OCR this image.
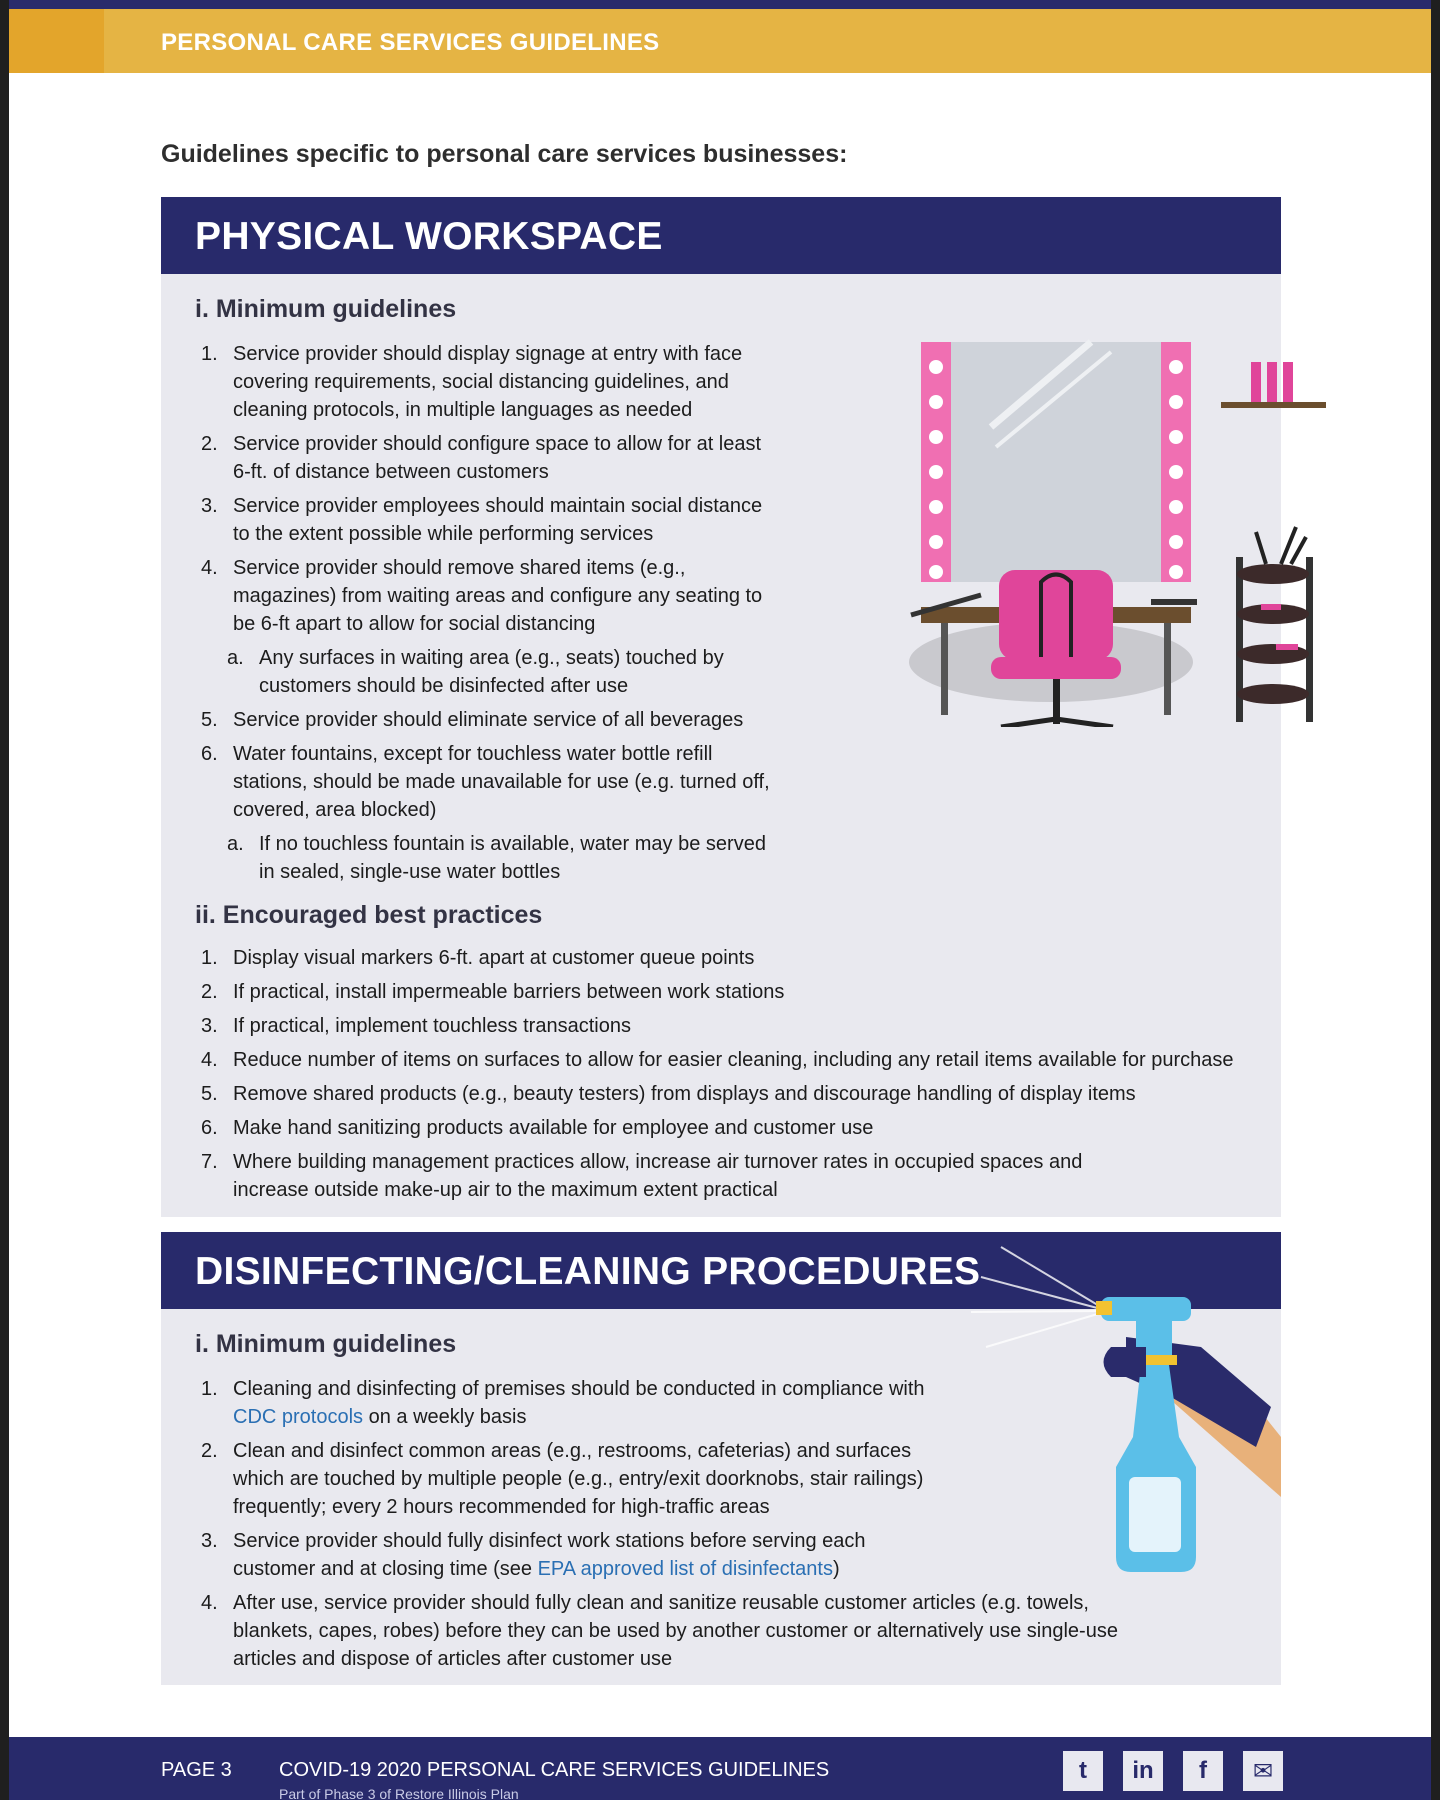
PERSONAL CARE SERVICES GUIDELINES
Guidelines specific to personal care services businesses:
PHYSICAL WORKSPACE
i. Minimum guidelines
1. Service provider should display signage at entry with face
covering requirements, social distancing guidelines, and
cleaning protocols, in multiple languages as needed
2. Service provider should configure space to allow for at least
6-ft. of distance between customers
3. Service provider employees should maintain social distance
to the extent possible while performing services
4. Service provider should remove shared items (e.g.,
magazines) from waiting areas and configure any seating to
be 6-ft apart to allow for social distancing
a. Any surfaces in waiting area (e.g., seats) touched by
customers should be disinfected after use
5. Service provider should eliminate service of all beverages
6. Water fountains, except for touchless water bottle refill
stations, should be made unavailable for use (e.g. turned off,
covered, area blocked)
a. If no touchless fountain is available, water may be served
in sealed, single-use water bottles
ii. Encouraged best practices
1. Display visual markers 6-ft. apart at customer queue points
2. If practical, install impermeable barriers between work stations
3. If practical, implement touchless transactions
4. Reduce number of items on surfaces to allow for easier cleaning, including any retail items available for purchase
5. Remove shared products (e.g., beauty testers) from displays and discourage handling of display items
6. Make hand sanitizing products available for employee and customer use
7. Where building management practices allow, increase air turnover rates in occupied spaces and
increase outside make-up air to the maximum extent practical
DISINFECTING/CLEANING PROCEDURES
i. Minimum guidelines
1. Cleaning and disinfecting of premises should be conducted in compliance with
CDC protocols on a weekly basis
2. Clean and disinfect common areas (e.g., restrooms, cafeterias) and surfaces
which are touched by multiple people (e.g., entry/exit doorknobs, stair railings)
frequently; every 2 hours recommended for high-traffic areas
3. Service provider should fully disinfect work stations before serving each
customer and at closing time (see EPA approved list of disinfectants)
4. After use, service provider should fully clean and sanitize reusable customer articles (e.g. towels,
blankets, capes, robes) before they can be used by another customer or alternatively use single-use
articles and dispose of articles after customer use
PAGE 3 COVID-19 2020 PERSONAL CARE SERVICES GUIDELINES
Part of Phase 3 of Restore Illinois Plan
t	in	f	✉
